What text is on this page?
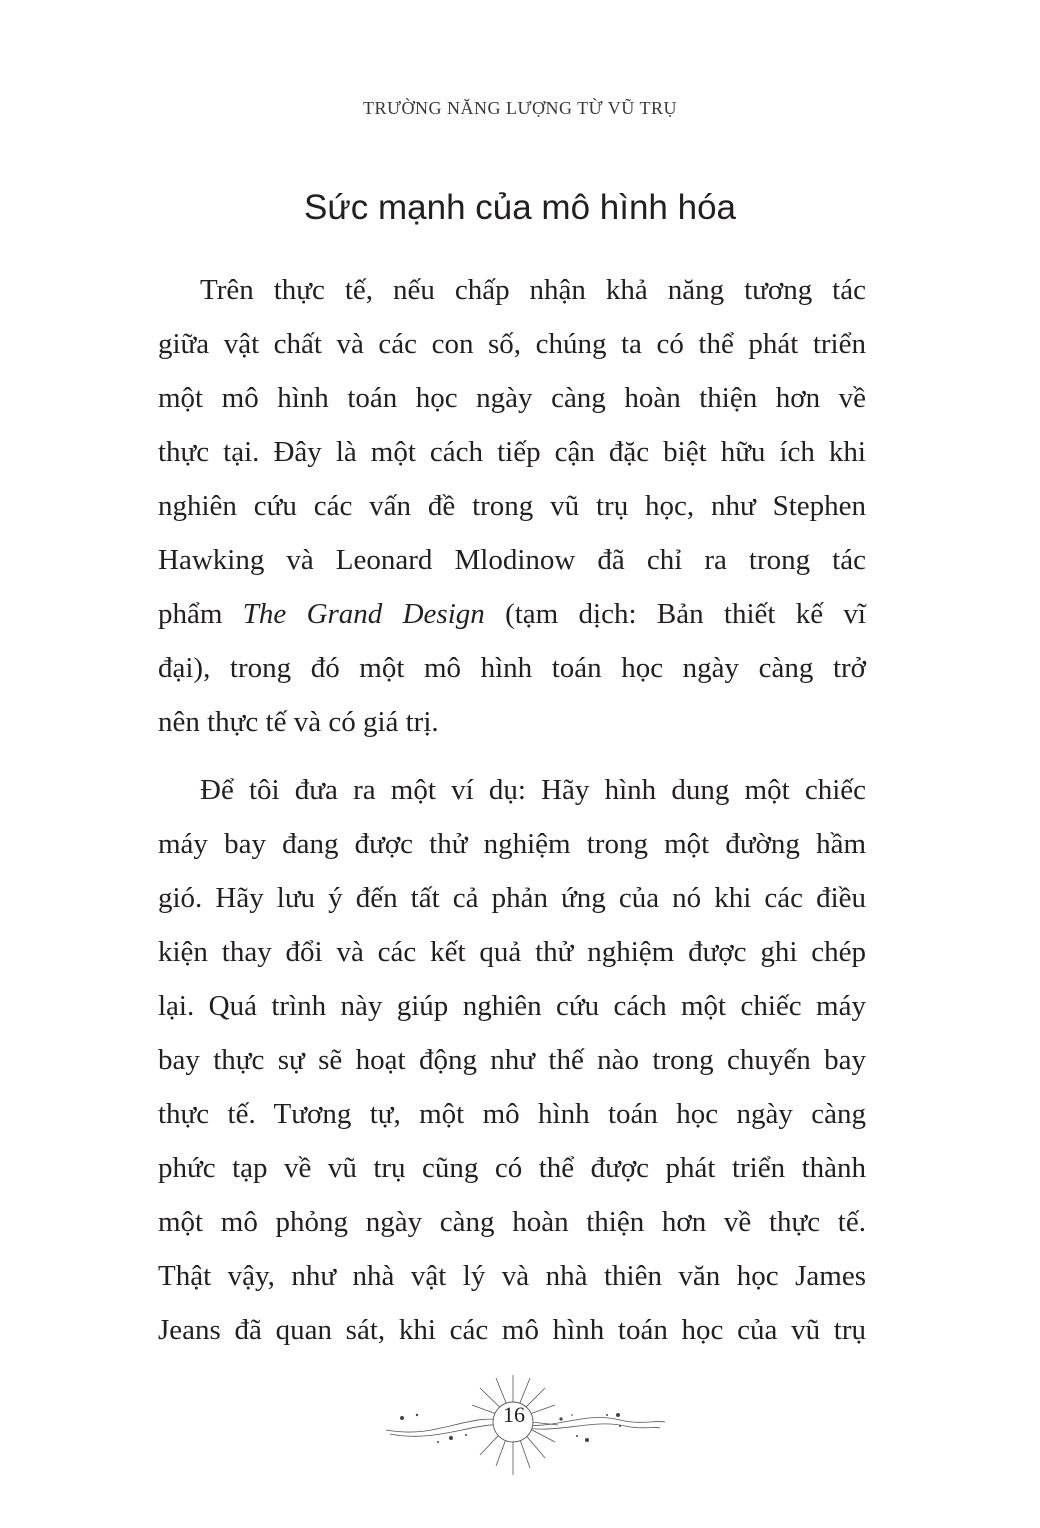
TRƯỜNG NĂNG LƯỢNG TỪ VŨ TRỤ
Sức mạnh của mô hình hóa
Trên thực tế, nếu chấp nhận khả năng tương tác
giữa vật chất và các con số, chúng ta có thể phát triển
một mô hình toán học ngày càng hoàn thiện hơn về
thực tại. Đây là một cách tiếp cận đặc biệt hữu ích khi
nghiên cứu các vấn đề trong vũ trụ học, như Stephen
Hawking và Leonard Mlodinow đã chỉ ra trong tác
phẩm The Grand Design (tạm dịch: Bản thiết kế vĩ
đại), trong đó một mô hình toán học ngày càng trở
nên thực tế và có giá trị.
Để tôi đưa ra một ví dụ: Hãy hình dung một chiếc
máy bay đang được thử nghiệm trong một đường hầm
gió. Hãy lưu ý đến tất cả phản ứng của nó khi các điều
kiện thay đổi và các kết quả thử nghiệm được ghi chép
lại. Quá trình này giúp nghiên cứu cách một chiếc máy
bay thực sự sẽ hoạt động như thế nào trong chuyến bay
thực tế. Tương tự, một mô hình toán học ngày càng
phức tạp về vũ trụ cũng có thể được phát triển thành
một mô phỏng ngày càng hoàn thiện hơn về thực tế.
Thật vậy, như nhà vật lý và nhà thiên văn học James
Jeans đã quan sát, khi các mô hình toán học của vũ trụ
16
